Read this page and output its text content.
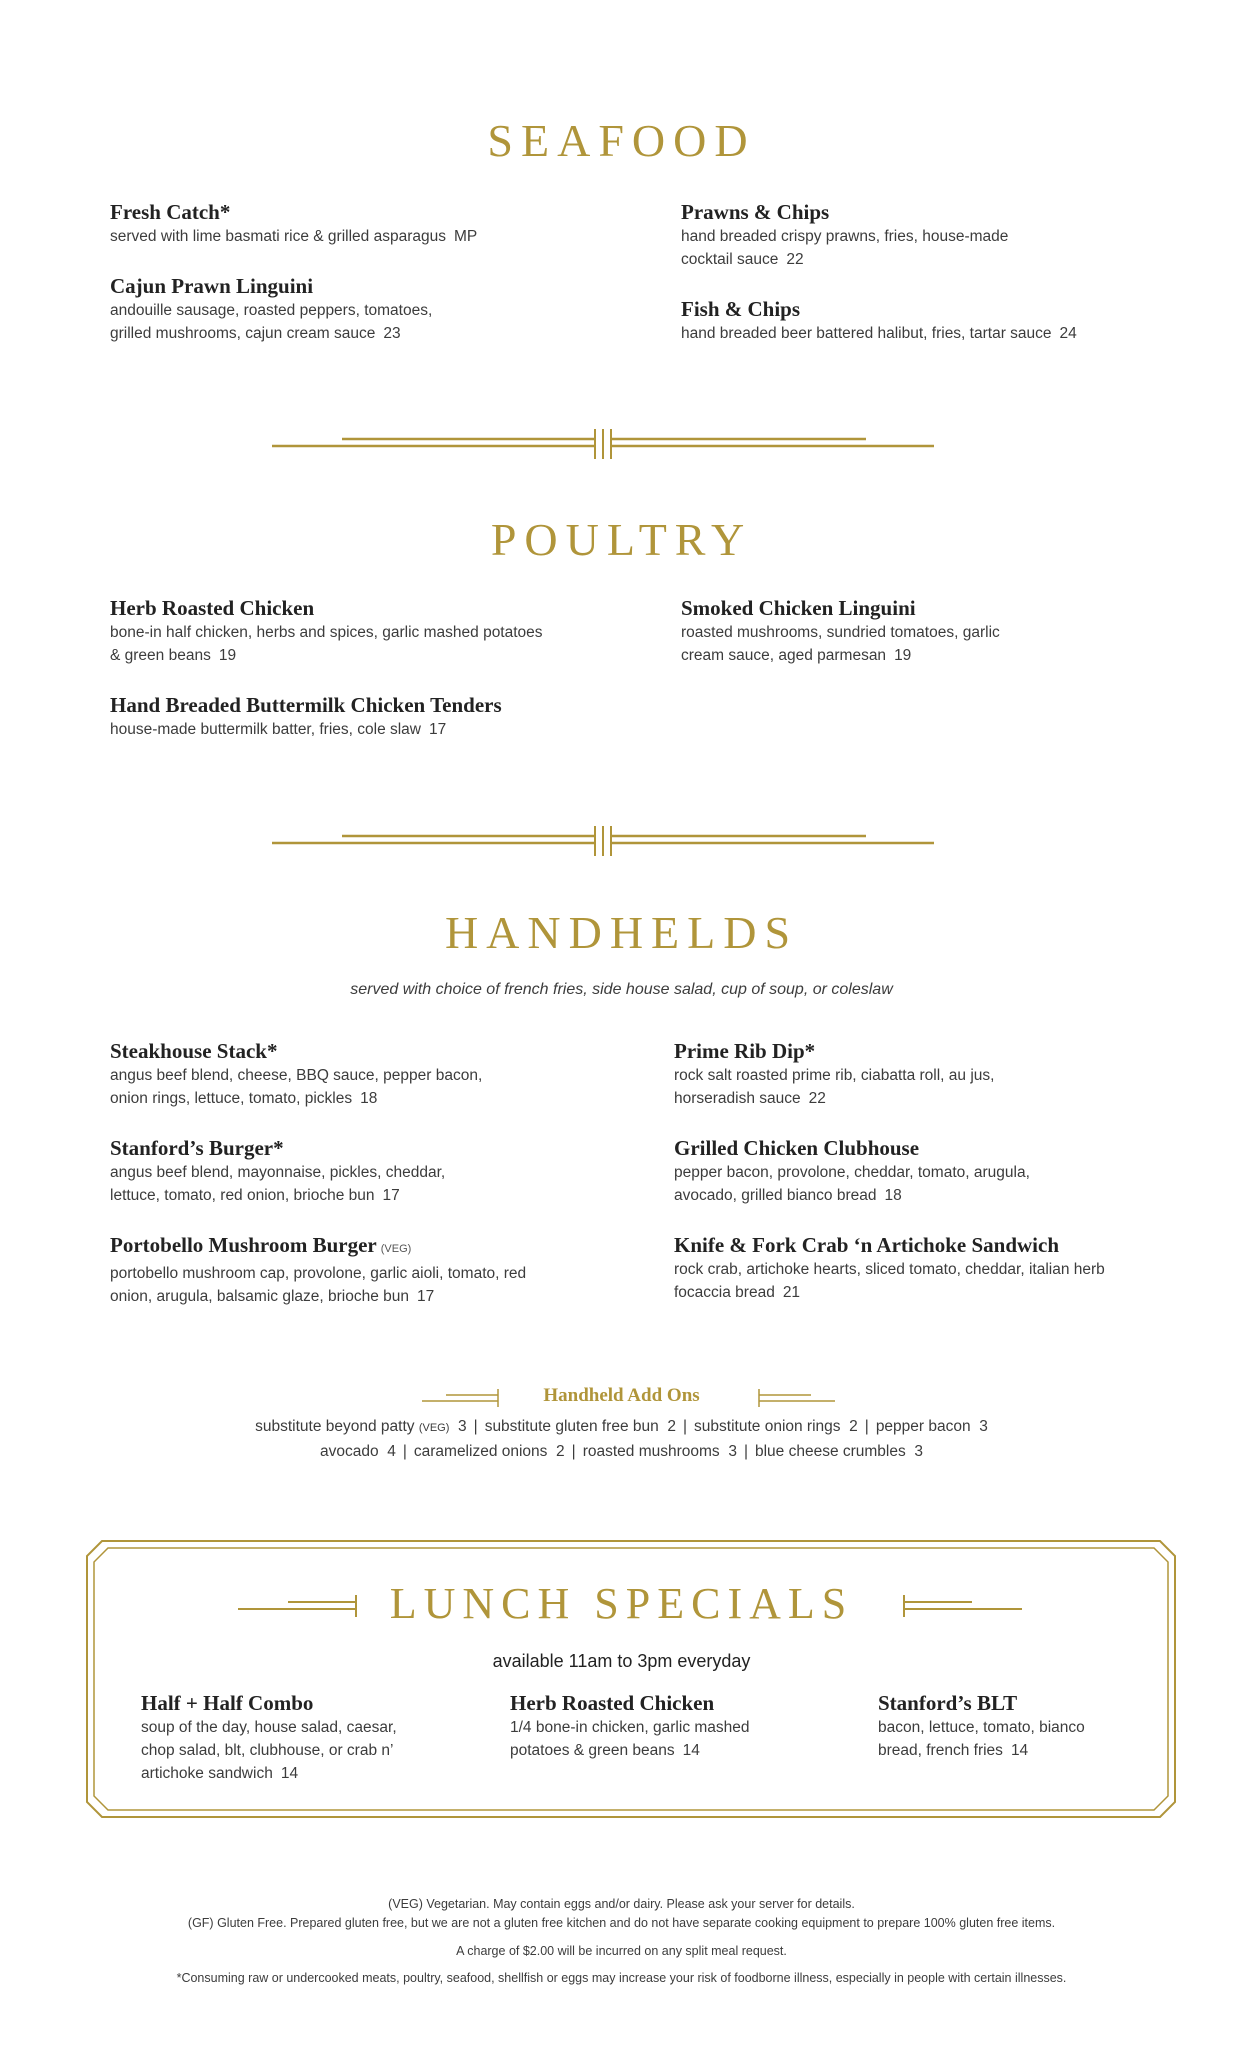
SEAFOOD
Fresh Catch*
served with lime basmati rice & grilled asparagus MP
Cajun Prawn Linguini
andouille sausage, roasted peppers, tomatoes,
grilled mushrooms, cajun cream sauce 23
Prawns & Chips
hand breaded crispy prawns, fries, house-made
cocktail sauce 22
Fish & Chips
hand breaded beer battered halibut, fries, tartar sauce 24
POULTRY
Herb Roasted Chicken
bone-in half chicken, herbs and spices, garlic mashed potatoes
& green beans 19
Hand Breaded Buttermilk Chicken Tenders
house-made buttermilk batter, fries, cole slaw 17
Smoked Chicken Linguini
roasted mushrooms, sundried tomatoes, garlic
cream sauce, aged parmesan 19
HANDHELDS
served with choice of french fries, side house salad, cup of soup, or coleslaw
Steakhouse Stack*
angus beef blend, cheese, BBQ sauce, pepper bacon,
onion rings, lettuce, tomato, pickles 18
Stanford’s Burger*
angus beef blend, mayonnaise, pickles, cheddar,
lettuce, tomato, red onion, brioche bun 17
Portobello Mushroom Burger (VEG)
portobello mushroom cap, provolone, garlic aioli, tomato, red
onion, arugula, balsamic glaze, brioche bun 17
Prime Rib Dip*
rock salt roasted prime rib, ciabatta roll, au jus,
horseradish sauce 22
Grilled Chicken Clubhouse
pepper bacon, provolone, cheddar, tomato, arugula,
avocado, grilled bianco bread 18
Knife & Fork Crab ‘n Artichoke Sandwich
rock crab, artichoke hearts, sliced tomato, cheddar, italian herb
focaccia bread 21
Handheld Add Ons
substitute beyond patty (VEG) 3 | substitute gluten free bun 2 | substitute onion rings 2 | pepper bacon 3
avocado 4 | caramelized onions 2 | roasted mushrooms 3 | blue cheese crumbles 3
LUNCH SPECIALS
available 11am to 3pm everyday
Half + Half Combo
soup of the day, house salad, caesar,
chop salad, blt, clubhouse, or crab n’
artichoke sandwich 14
Herb Roasted Chicken
1/4 bone-in chicken, garlic mashed
potatoes & green beans 14
Stanford’s BLT
bacon, lettuce, tomato, bianco
bread, french fries 14
(VEG) Vegetarian. May contain eggs and/or dairy. Please ask your server for details.
(GF) Gluten Free. Prepared gluten free, but we are not a gluten free kitchen and do not have separate cooking equipment to prepare 100% gluten free items.
A charge of $2.00 will be incurred on any split meal request.
*Consuming raw or undercooked meats, poultry, seafood, shellfish or eggs may increase your risk of foodborne illness, especially in people with certain illnesses.
